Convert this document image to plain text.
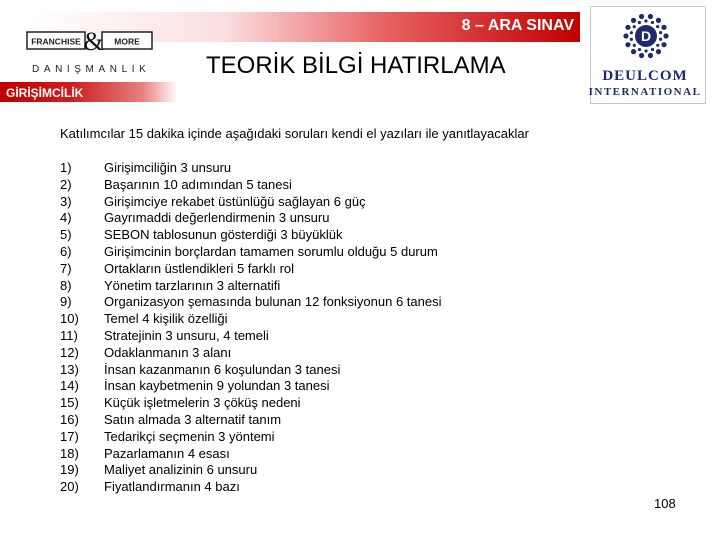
8 – ARA SINAV
FRANCHISE & MORE
DANIŞMANLIK TEORİK BİLGİ HATIRLAMA
GİRİŞİMCİLİK
D
DEULCOM
INTERNATIONAL
Katılımcılar 15 dakika içinde aşağıdaki soruları kendi el yazıları ile yanıtlayacaklar
1) Girişimciliğin 3 unsuru
2) Başarının 10 adımından 5 tanesi
3) Girişimciye rekabet üstünlüğü sağlayan 6 güç
4) Gayrımaddi değerlendirmenin 3 unsuru
5) SEBON tablosunun gösterdiği 3 büyüklük
6) Girişimcinin borçlardan tamamen sorumlu olduğu 5 durum
7) Ortakların üstlendikleri 5 farklı rol
8) Yönetim tarzlarının 3 alternatifi
9) Organizasyon şemasında bulunan 12 fonksiyonun 6 tanesi
10) Temel 4 kişilik özelliği
11) Stratejinin 3 unsuru, 4 temeli
12) Odaklanmanın 3 alanı
13) İnsan kazanmanın 6 koşulundan 3 tanesi
14) İnsan kaybetmenin 9 yolundan 3 tanesi
15) Küçük işletmelerin 3 çöküş nedeni
16) Satın almada 3 alternatif tanım
17) Tedarikçi seçmenin 3 yöntemi
18) Pazarlamanın 4 esası
19) Maliyet analizinin 6 unsuru
20) Fiyatlandırmanın 4 bazı
108
